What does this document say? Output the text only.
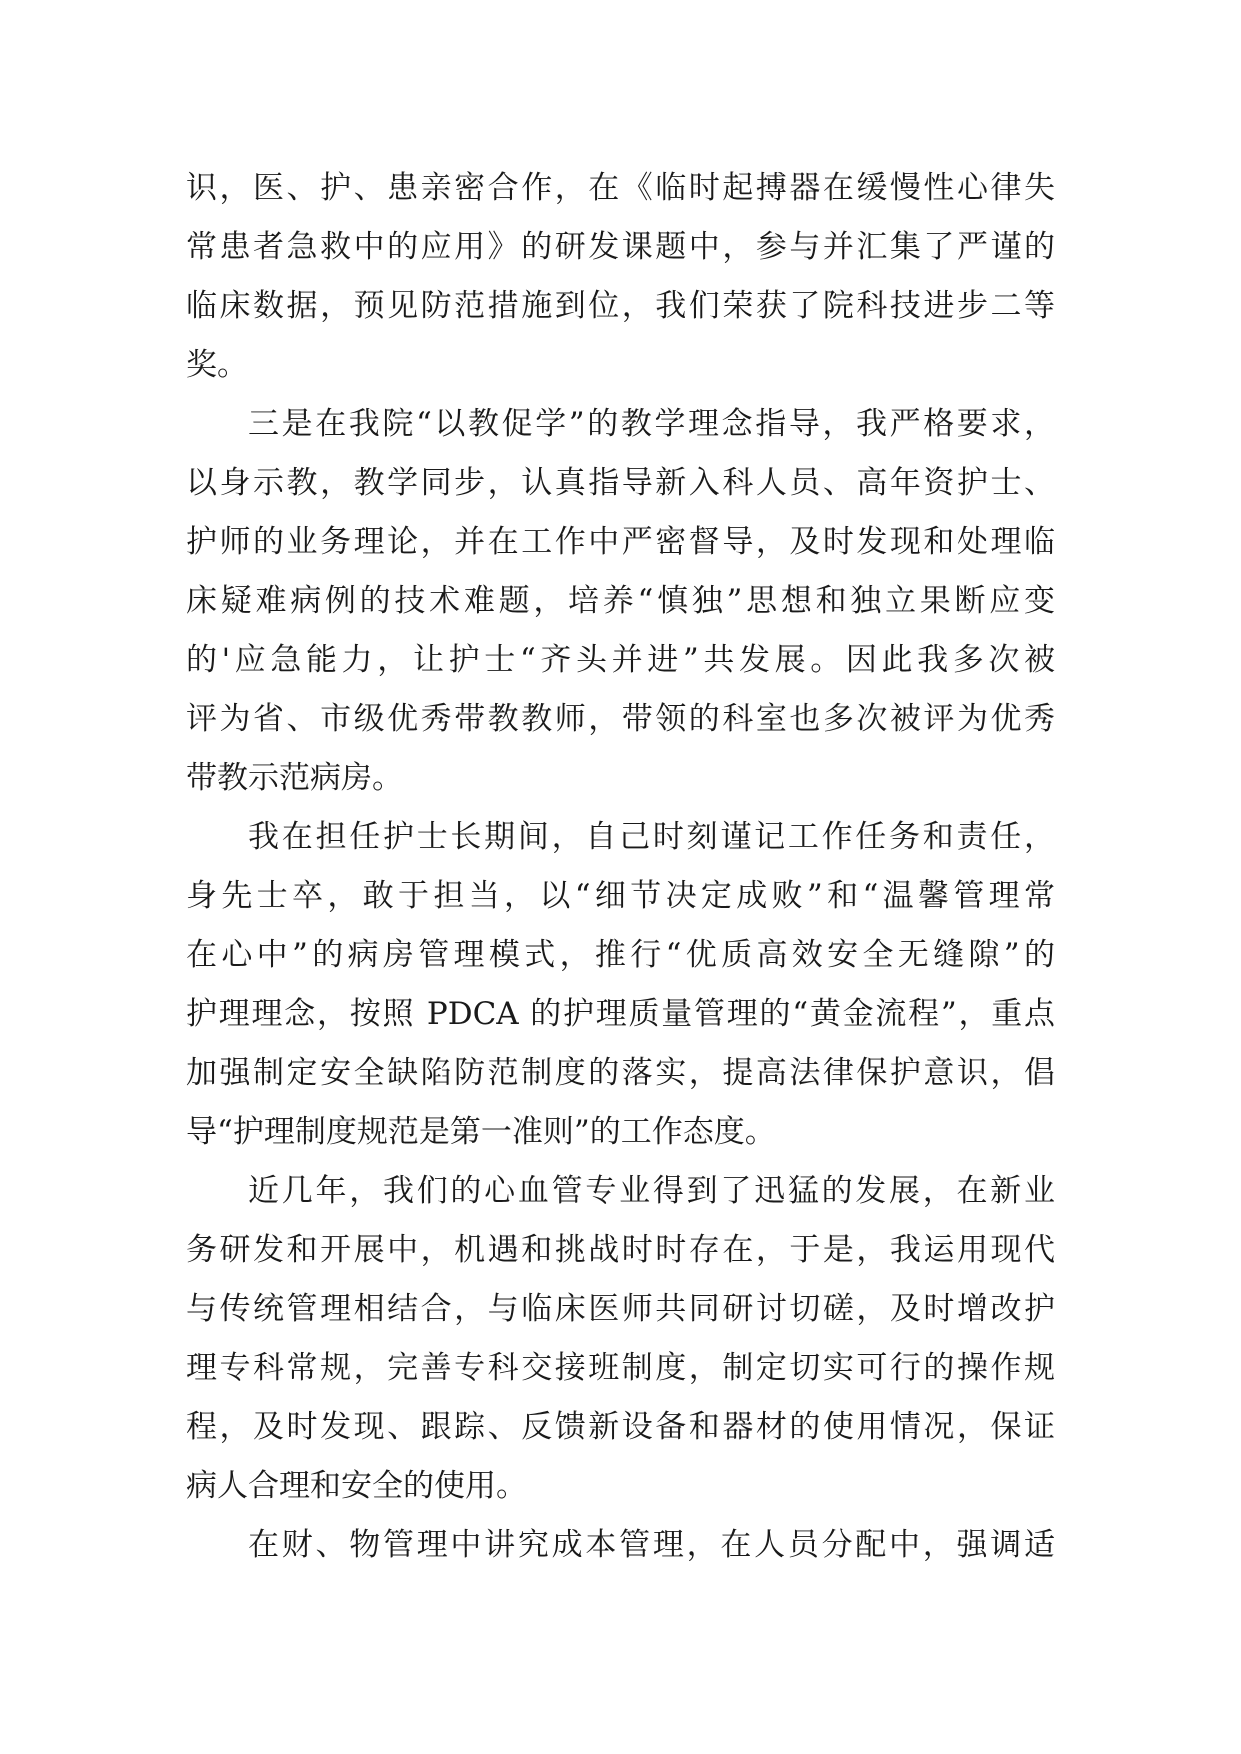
识，医、护、患亲密合作，在《临时起搏器在缓慢性心律失
常患者急救中的应用》的研发课题中，参与并汇集了严谨的
临床数据，预见防范措施到位，我们荣获了院科技进步二等
奖。
三是在我院“以教促学”的教学理念指导，我严格要求，
以身示教，教学同步，认真指导新入科人员、高年资护士、
护师的业务理论，并在工作中严密督导，及时发现和处理临
床疑难病例的技术难题，培养“慎独”思想和独立果断应变
的'应急能力，让护士“齐头并进”共发展。因此我多次被
评为省、市级优秀带教教师，带领的科室也多次被评为优秀
带教示范病房。
我在担任护士长期间，自己时刻谨记工作任务和责任，
身先士卒，敢于担当，以“细节决定成败”和“温馨管理常
在心中”的病房管理模式，推行“优质高效安全无缝隙”的
护理理念，按照 PDCA 的护理质量管理的“黄金流程”，重点
加强制定安全缺陷防范制度的落实，提高法律保护意识，倡
导“护理制度规范是第一准则”的工作态度。
近几年，我们的心血管专业得到了迅猛的发展，在新业
务研发和开展中，机遇和挑战时时存在，于是，我运用现代
与传统管理相结合，与临床医师共同研讨切磋，及时增改护
理专科常规，完善专科交接班制度，制定切实可行的操作规
程，及时发现、跟踪、反馈新设备和器材的使用情况，保证
病人合理和安全的使用。
在财、物管理中讲究成本管理，在人员分配中，强调适
